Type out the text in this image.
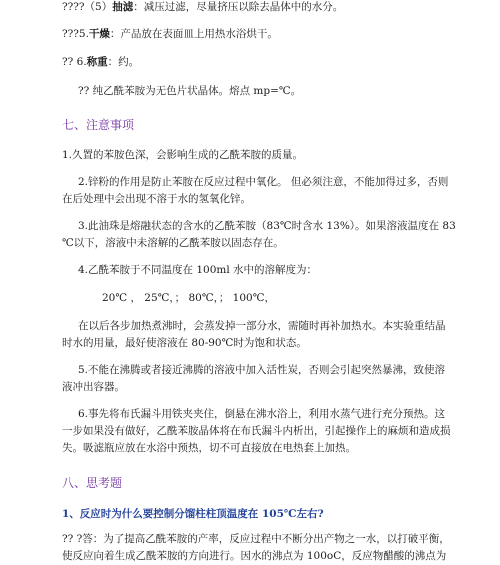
????（5）抽滤：减压过滤，尽量挤压以除去晶体中的水分。
???5.干燥：产品放在表面皿上用热水浴烘干。
?? 6.称重：约。
?? 纯乙酰苯胺为无色片状晶体。熔点 mp=℃。
七、注意事项
1.久置的苯胺色深，会影响生成的乙酰苯胺的质量。
2.锌粉的作用是防止苯胺在反应过程中氧化。 但必须注意，不能加得过多，否则
在后处理中会出现不溶于水的氢氧化锌。
3.此油珠是熔融状态的含水的乙酰苯胺（83℃时含水 13%）。如果溶液温度在 83
℃以下，溶液中未溶解的乙酰苯胺以固态存在。
4.乙酰苯胺于不同温度在 100ml 水中的溶解度为：
20℃ ， 25℃，； 80℃，； 100℃，
在以后各步加热煮沸时，会蒸发掉一部分水，需随时再补加热水。本实验重结晶
时水的用量，最好使溶液在 80-90℃时为饱和状态。
5.不能在沸腾或者接近沸腾的溶液中加入活性炭，否则会引起突然暴沸，致使溶
液冲出容器。
6.事先将布氏漏斗用铁夹夹住，倒悬在沸水浴上，利用水蒸气进行充分预热。这
一步如果没有做好，乙酰苯胺晶体将在布氏漏斗内析出，引起操作上的麻烦和造成损
失。吸滤瓶应放在水浴中预热，切不可直接放在电热套上加热。
八、思考题
1、反应时为什么要控制分馏柱柱顶温度在 105℃左右?
?? ?答：为了提高乙酰苯胺的产率，反应过程中不断分出产物之一水，以打破平衡，
使反应向着生成乙酰苯胺的方向进行。因水的沸点为 100oC，反应物醋酸的沸点为
